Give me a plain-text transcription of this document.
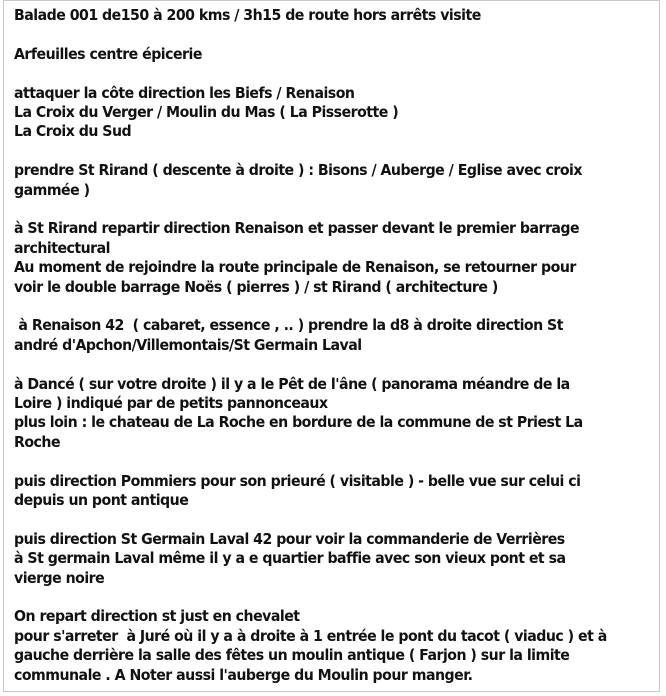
Balade 001 de150 à 200 kms / 3h15 de route hors arrêts visite
Arfeuilles centre épicerie
attaquer la côte direction les Biefs / Renaison
La Croix du Verger / Moulin du Mas ( La Pisserotte )
La Croix du Sud
prendre St Rirand ( descente à droite ) : Bisons / Auberge / Eglise avec croix
gammée )
à St Rirand repartir direction Renaison et passer devant le premier barrage
architectural
Au moment de rejoindre la route principale de Renaison, se retourner pour
voir le double barrage Noës ( pierres ) / st Rirand ( architecture )
à Renaison 42  ( cabaret, essence , .. ) prendre la d8 à droite direction St
andré d'Apchon/Villemontais/St Germain Laval
à Dancé ( sur votre droite ) il y a le Pêt de l'âne ( panorama méandre de la
Loire ) indiqué par de petits pannonceaux
plus loin : le chateau de La Roche en bordure de la commune de st Priest La
Roche
puis direction Pommiers pour son prieuré ( visitable ) - belle vue sur celui ci
depuis un pont antique
puis direction St Germain Laval 42 pour voir la commanderie de Verrières
à St germain Laval même il y a e quartier baffie avec son vieux pont et sa
vierge noire
On repart direction st just en chevalet
pour s'arreter  à Juré où il y a à droite à 1 entrée le pont du tacot ( viaduc ) et à
gauche derrière la salle des fêtes un moulin antique ( Farjon ) sur la limite
communale . A Noter aussi l'auberge du Moulin pour manger.
